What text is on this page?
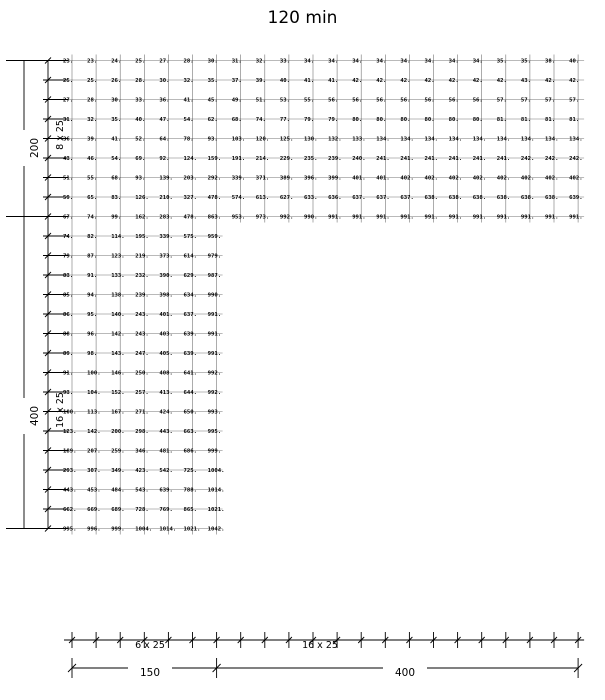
120 min
23. 23. 24. 25. 27. 28. 30. 31. 32. 33. 34. 34. 34. 34. 34. 34. 34. 34. 35. 35. 38. 40.
25. 25. 26. 28. 30. 32. 35. 37. 39. 40. 41. 41. 42. 42. 42. 42. 42. 42. 42. 43. 42. 42.
27. 28. 30. 33. 36. 41. 45. 49. 51. 53. 55. 56. 56. 56. 56. 56. 56. 56. 57. 57. 57. 57.
31. 32. 35. 40. 47. 54. 62. 68. 74. 77. 79. 79. 80. 80. 80. 80. 80. 80. 81. 81. 81. 81.
36. 39. 41. 52. 64. 78. 93. 103. 120. 125. 130. 132. 133. 134. 134. 134. 134. 134. 134. 134. 134. 134.
43. 46. 54. 69. 92. 124. 159. 191. 214. 229. 235. 239. 240. 241. 241. 241. 241. 241. 241. 242. 242. 242.
51. 55. 68. 93. 139. 203. 292. 339. 371. 389. 396. 399. 401. 401. 402. 402. 402. 402. 402. 402. 402. 402.
59. 65. 83. 126. 210. 327. 478. 574. 613. 627. 633. 636. 637. 637. 637. 638. 638. 638. 638. 638. 638. 639.
67. 74. 99. 162. 283. 478. 863. 953. 973. 992. 990. 991. 991. 991. 991. 991. 991. 991. 991. 991. 991. 991.
74. 82. 114. 195. 339. 575. 959.
79. 87. 123. 219. 373. 614. 979.
83. 91. 133. 232. 390. 629. 987.
85. 94. 138. 239. 398. 634. 990.
86. 95. 140. 243. 401. 637. 991.
88. 96. 142. 243. 403. 639. 991.
89. 98. 143. 247. 405. 639. 991.
91. 100. 146. 250. 408. 641. 992.
93. 104. 152. 257. 413. 644. 992.
100. 113. 167. 271. 424. 650. 993.
123. 142. 200. 298. 443. 663. 995.
189. 207. 259. 346. 481. 686. 999.
293. 307. 349. 423. 542. 725. 1004.
443. 453. 484. 543. 639. 788. 1014.
662. 669. 689. 728. 769. 865. 1021.
995. 996. 999. 1004. 1014. 1021. 1042.
200 8 x 25
400 16 x 25
6 x 25
150
16 x 25
400
